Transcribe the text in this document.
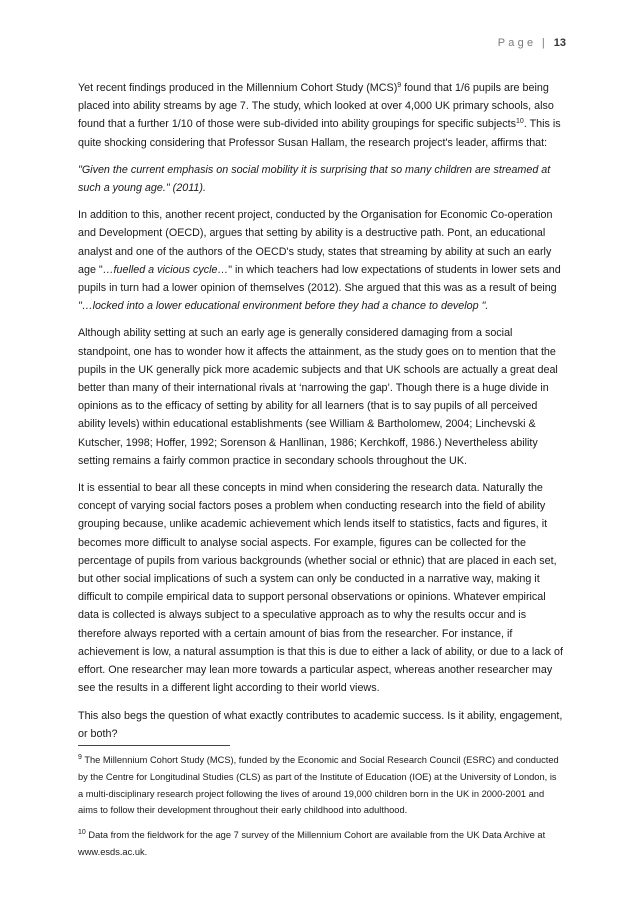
Page | 13

Yet recent findings produced in the Millennium Cohort Study (MCS)$^9$ found that 1/6 pupils are being placed into ability streams by age 7. The study, which looked at over 4,000 UK primary schools, also found that a further 1/10 of those were sub-divided into ability groupings for specific subjects$^{10}$. This is quite shocking considering that Professor Susan Hallam, the research project's leader, affirms that:

"Given the current emphasis on social mobility it is surprising that so many children are streamed at such a young age." (2011).

In addition to this, another recent project, conducted by the Organisation for Economic Co-operation and Development (OECD), argues that setting by ability is a destructive path. Pont, an educational analyst and one of the authors of the OECD's study, states that streaming by ability at such an early age "…fuelled a vicious cycle…" in which teachers had low expectations of students in lower sets and pupils in turn had a lower opinion of themselves (2012). She argued that this was as a result of being "…locked into a lower educational environment before they had a chance to develop ".

Although ability setting at such an early age is generally considered damaging from a social standpoint, one has to wonder how it affects the attainment, as the study goes on to mention that the pupils in the UK generally pick more academic subjects and that UK schools are actually a great deal better than many of their international rivals at ‘narrowing the gap’. Though there is a huge divide in opinions as to the efficacy of setting by ability for all learners (that is to say pupils of all perceived ability levels) within educational establishments (see William & Bartholomew, 2004; Linchevski & Kutscher, 1998; Hoffer, 1992; Sorenson & Hanllinan, 1986; Kerchkoff, 1986.) Nevertheless ability setting remains a fairly common practice in secondary schools throughout the UK.

It is essential to bear all these concepts in mind when considering the research data. Naturally the concept of varying social factors poses a problem when conducting research into the field of ability grouping because, unlike academic achievement which lends itself to statistics, facts and figures, it becomes more difficult to analyse social aspects. For example, figures can be collected for the percentage of pupils from various backgrounds (whether social or ethnic) that are placed in each set, but other social implications of such a system can only be conducted in a narrative way, making it difficult to compile empirical data to support personal observations or opinions. Whatever empirical data is collected is always subject to a speculative approach as to why the results occur and is therefore always reported with a certain amount of bias from the researcher. For instance, if achievement is low, a natural assumption is that this is due to either a lack of ability, or due to a lack of effort. One researcher may lean more towards a particular aspect, whereas another researcher may see the results in a different light according to their world views.

This also begs the question of what exactly contributes to academic success. Is it ability, engagement, or both?

$^9$ The Millennium Cohort Study (MCS), funded by the Economic and Social Research Council (ESRC) and conducted by the Centre for Longitudinal Studies (CLS) as part of the Institute of Education (IOE) at the University of London, is a multi-disciplinary research project following the lives of around 19,000 children born in the UK in 2000-2001 and aims to follow their development throughout their early childhood into adulthood.

$^{10}$ Data from the fieldwork for the age 7 survey of the Millennium Cohort are available from the UK Data Archive at www.esds.ac.uk.
